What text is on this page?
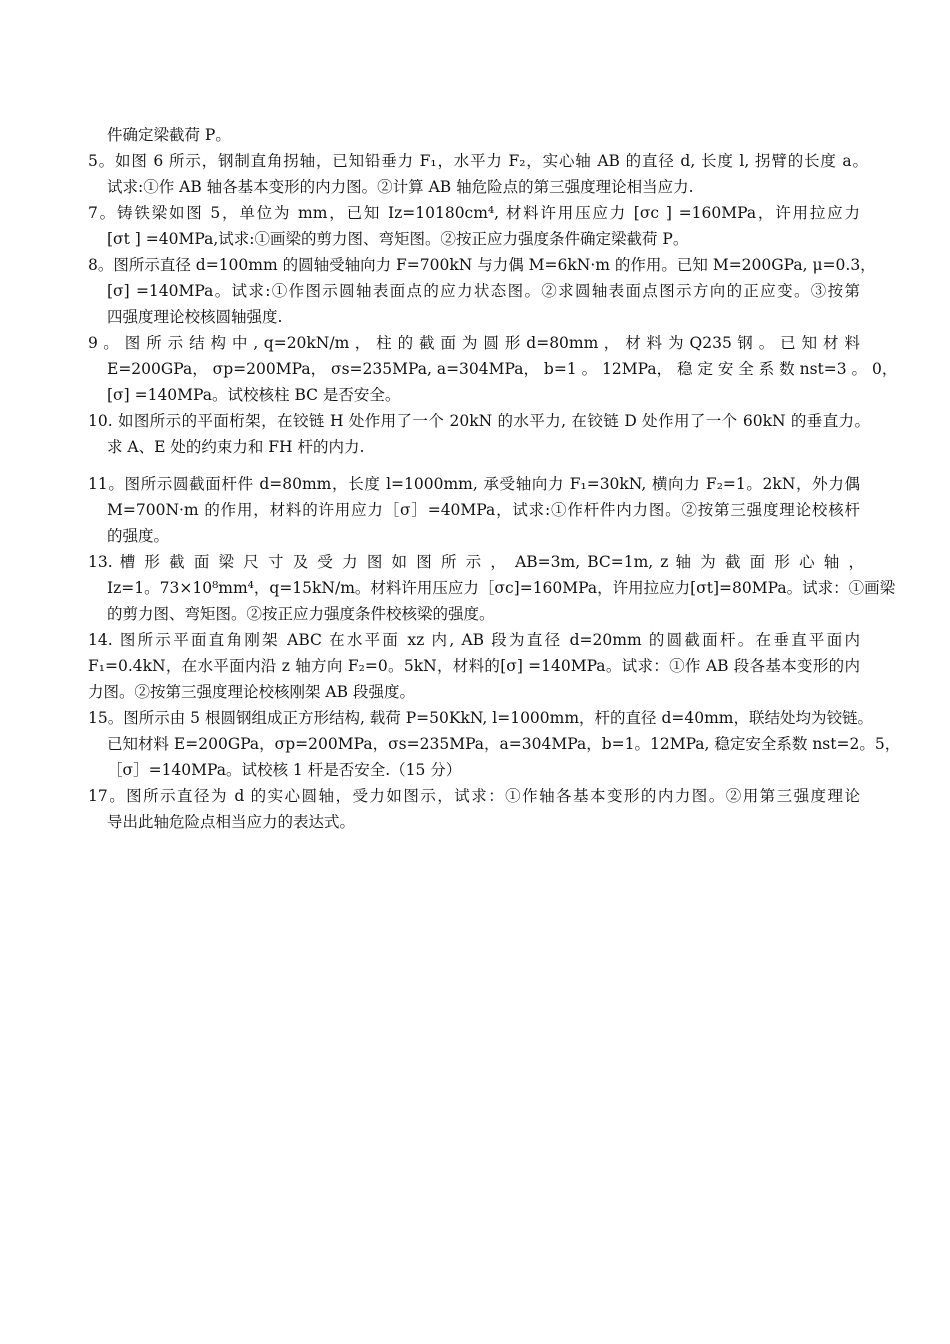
件确定梁截荷 P。
5。如图 6 所示，钢制直角拐轴，已知铅垂力 F₁，水平力 F₂，实心轴 AB 的直径 d, 长度 l, 拐臂的长度 a。
试求:①作 AB 轴各基本变形的内力图。②计算 AB 轴危险点的第三强度理论相当应力.
7。铸铁梁如图 5，单位为 mm，已知 Iz=10180cm⁴, 材料许用压应力 [σc ] =160MPa，许用拉应力
[σt ] =40MPa,试求:①画梁的剪力图、弯矩图。②按正应力强度条件确定梁截荷 P。
8。图所示直径 d=100mm 的圆轴受轴向力 F=700kN 与力偶 M=6kN·m 的作用。已知 M=200GPa, μ=0.3，
[σ] =140MPa。试求:①作图示圆轴表面点的应力状态图。②求圆轴表面点图示方向的正应变。③按第
四强度理论校核圆轴强度.
9 。 图 所 示 结 构 中 , q=20kN/m ， 柱 的 截 面 为 圆 形 d=80mm ， 材 料 为 Q235 钢 。 已 知 材 料
E=200GPa， σp=200MPa， σs=235MPa, a=304MPa， b=1 。 12MPa， 稳 定 安 全 系 数 nst=3 。 0，
[σ] =140MPa。试校核柱 BC 是否安全。
10. 如图所示的平面桁架，在铰链 H 处作用了一个 20kN 的水平力, 在铰链 D 处作用了一个 60kN 的垂直力。
求 A、E 处的约束力和 FH 杆的内力.
11。图所示圆截面杆件 d=80mm，长度 l=1000mm, 承受轴向力 F₁=30kN, 横向力 F₂=1。2kN，外力偶
M=700N·m 的作用，材料的许用应力［σ］=40MPa，试求:①作杆件内力图。②按第三强度理论校核杆
的强度。
13. 槽 形 截 面 梁 尺 寸 及 受 力 图 如 图 所 示 ， AB=3m, BC=1m, z 轴 为 截 面 形 心 轴 ，
Iz=1。73×10⁸mm⁴，q=15kN/m。材料许用压应力［σc]=160MPa，许用拉应力[σt]=80MPa。试求：①画梁
的剪力图、弯矩图。②按正应力强度条件校核梁的强度。
14. 图所示平面直角刚架 ABC 在水平面 xz 内, AB 段为直径 d=20mm 的圆截面杆。在垂直平面内
F₁=0.4kN，在水平面内沿 z 轴方向 F₂=0。5kN，材料的[σ] =140MPa。试求：①作 AB 段各基本变形的内
力图。②按第三强度理论校核刚架 AB 段强度。
15。图所示由 5 根圆钢组成正方形结构, 载荷 P=50KkN, l=1000mm，杆的直径 d=40mm，联结处均为铰链。
已知材料 E=200GPa，σp=200MPa，σs=235MPa，a=304MPa，b=1。12MPa, 稳定安全系数 nst=2。5，
［σ］=140MPa。试校核 1 杆是否安全.（15 分）
17。图所示直径为 d 的实心圆轴，受力如图示，试求：①作轴各基本变形的内力图。②用第三强度理论
导出此轴危险点相当应力的表达式。
